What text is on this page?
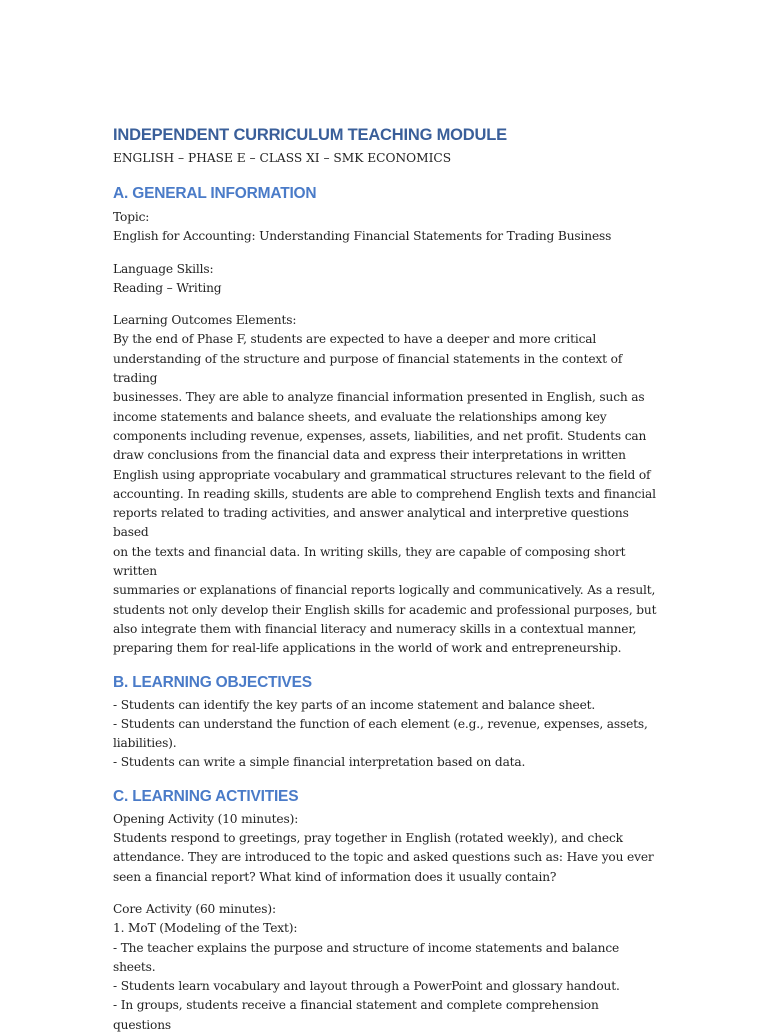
INDEPENDENT CURRICULUM TEACHING MODULE

ENGLISH – PHASE E – CLASS XI – SMK ECONOMICS

A. GENERAL INFORMATION

Topic:

English for Accounting: Understanding Financial Statements for Trading Business

Language Skills:

Reading – Writing

Learning Outcomes Elements:

By the end of Phase F, students are expected to have a deeper and more critical
understanding of the structure and purpose of financial statements in the context of trading
businesses. They are able to analyze financial information presented in English, such as
income statements and balance sheets, and evaluate the relationships among key
components including revenue, expenses, assets, liabilities, and net profit. Students can
draw conclusions from the financial data and express their interpretations in written
English using appropriate vocabulary and grammatical structures relevant to the field of
accounting. In reading skills, students are able to comprehend English texts and financial
reports related to trading activities, and answer analytical and interpretive questions based
on the texts and financial data. In writing skills, they are capable of composing short written
summaries or explanations of financial reports logically and communicatively. As a result,
students not only develop their English skills for academic and professional purposes, but
also integrate them with financial literacy and numeracy skills in a contextual manner,
preparing them for real-life applications in the world of work and entrepreneurship.

B. LEARNING OBJECTIVES
- Students can identify the key parts of an income statement and balance sheet.
- Students can understand the function of each element (e.g., revenue, expenses, assets,
liabilities).
- Students can write a simple financial interpretation based on data.
C. LEARNING ACTIVITIES

Opening Activity (10 minutes):

Students respond to greetings, pray together in English (rotated weekly), and check
attendance. They are introduced to the topic and asked questions such as: Have you ever
seen a financial report? What kind of information does it usually contain?

Core Activity (60 minutes):

1. MoT (Modeling of the Text):
- The teacher explains the purpose and structure of income statements and balance sheets.
- Students learn vocabulary and layout through a PowerPoint and glossary handout.
- In groups, students receive a financial statement and complete comprehension questions
